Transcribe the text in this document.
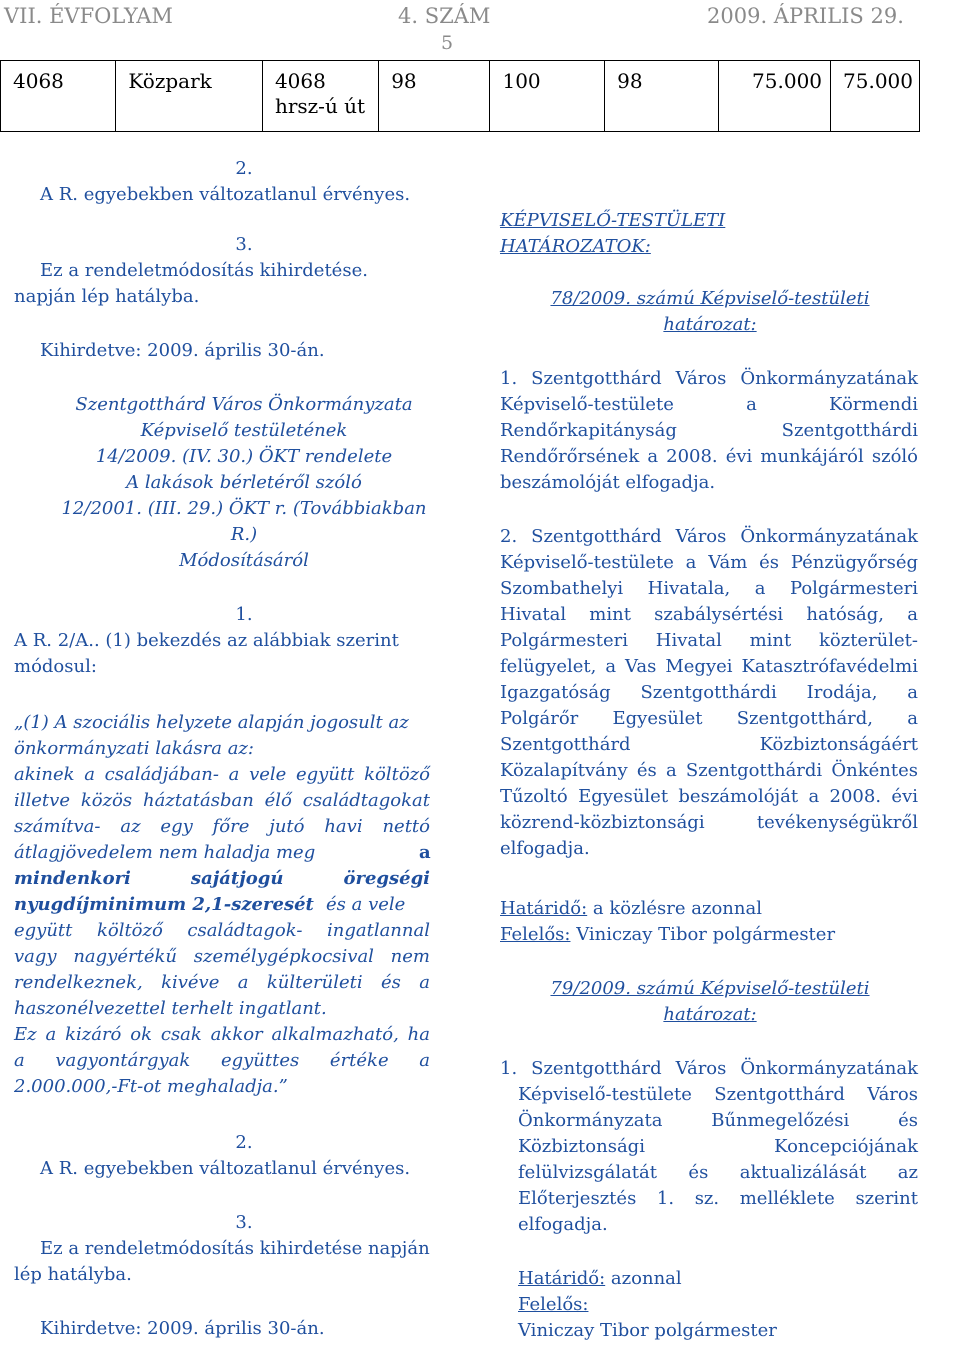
VII. ÉVFOLYAM	4. SZÁM	2009. ÁPRILIS 29.
5
4068	Közpark	4068 hrsz-ú út	98	100	98	75.000	75.000
2.
A R. egyebekben változatlanul érvényes.
3.
Ez a rendeletmódosítás kihirdetése.
napján lép hatályba.
Kihirdetve: 2009. április 30-án.
Szentgotthárd Város Önkormányzata
Képviselő testületének
14/2009. (IV. 30.) ÖKT rendelete
A lakások bérletéről szóló
12/2001. (III. 29.) ÖKT r. (Továbbiakban
R.)
Módosításáról
1.
A R. 2/A.. (1) bekezdés az alábbiak szerint
módosul:
„(1) A szociális helyzete alapján jogosult az
önkormányzati lakásra az:
akinek a családjában- a vele együtt költöző
illetve közös háztatásban élő családtagokat
számítva- az egy főre jutó havi nettó
átlagjövedelem nem haladja meg	a
mindenkori sajátjogú öregségi
nyugdíjminimum 2,1-szeresét és a vele
együtt költöző családtagok- ingatlannal
vagy nagyértékű személygépkocsival nem
rendelkeznek, kivéve a külterületi és a
haszonélvezettel terhelt ingatlant.
Ez a kizáró ok csak akkor alkalmazható, ha
a vagyontárgyak együttes értéke a
2.000.000,-Ft-ot meghaladja.”
2.
A R. egyebekben változatlanul érvényes.
3.
Ez a rendeletmódosítás kihirdetése napján
lép hatályba.
Kihirdetve: 2009. április 30-án.
KÉPVISELŐ-TESTÜLETI
HATÁROZATOK:
78/2009. számú Képviselő-testületi
határozat:
1. Szentgotthárd Város Önkormányzatának
Képviselő-testülete a Körmendi
Rendőrkapitányság Szentgotthárdi
Rendőrőrsének a 2008. évi munkájáról szóló
beszámolóját elfogadja.
2. Szentgotthárd Város Önkormányzatának
Képviselő-testülete a Vám és Pénzügyőrség
Szombathelyi Hivatala, a Polgármesteri
Hivatal mint szabálysértési hatóság, a
Polgármesteri Hivatal mint közterület-
felügyelet, a Vas Megyei Katasztrófavédelmi
Igazgatóság Szentgotthárdi Irodája, a
Polgárőr Egyesület Szentgotthárd, a
Szentgotthárd Közbiztonságáért
Közalapítvány és a Szentgotthárdi Önkéntes
Tűzoltó Egyesület beszámolóját a 2008. évi
közrend-közbiztonsági tevékenységükről
elfogadja.
Határidő: a közlésre azonnal
Felelős: Viniczay Tibor polgármester
79/2009. számú Képviselő-testületi
határozat:
1. Szentgotthárd Város Önkormányzatának
Képviselő-testülete Szentgotthárd Város
Önkormányzata Bűnmegelőzési és
Közbiztonsági Koncepciójának
felülvizsgálatát és aktualizálását az
Előterjesztés 1. sz. melléklete szerint
elfogadja.
Határidő: azonnal
Felelős:
Viniczay Tibor polgármester
